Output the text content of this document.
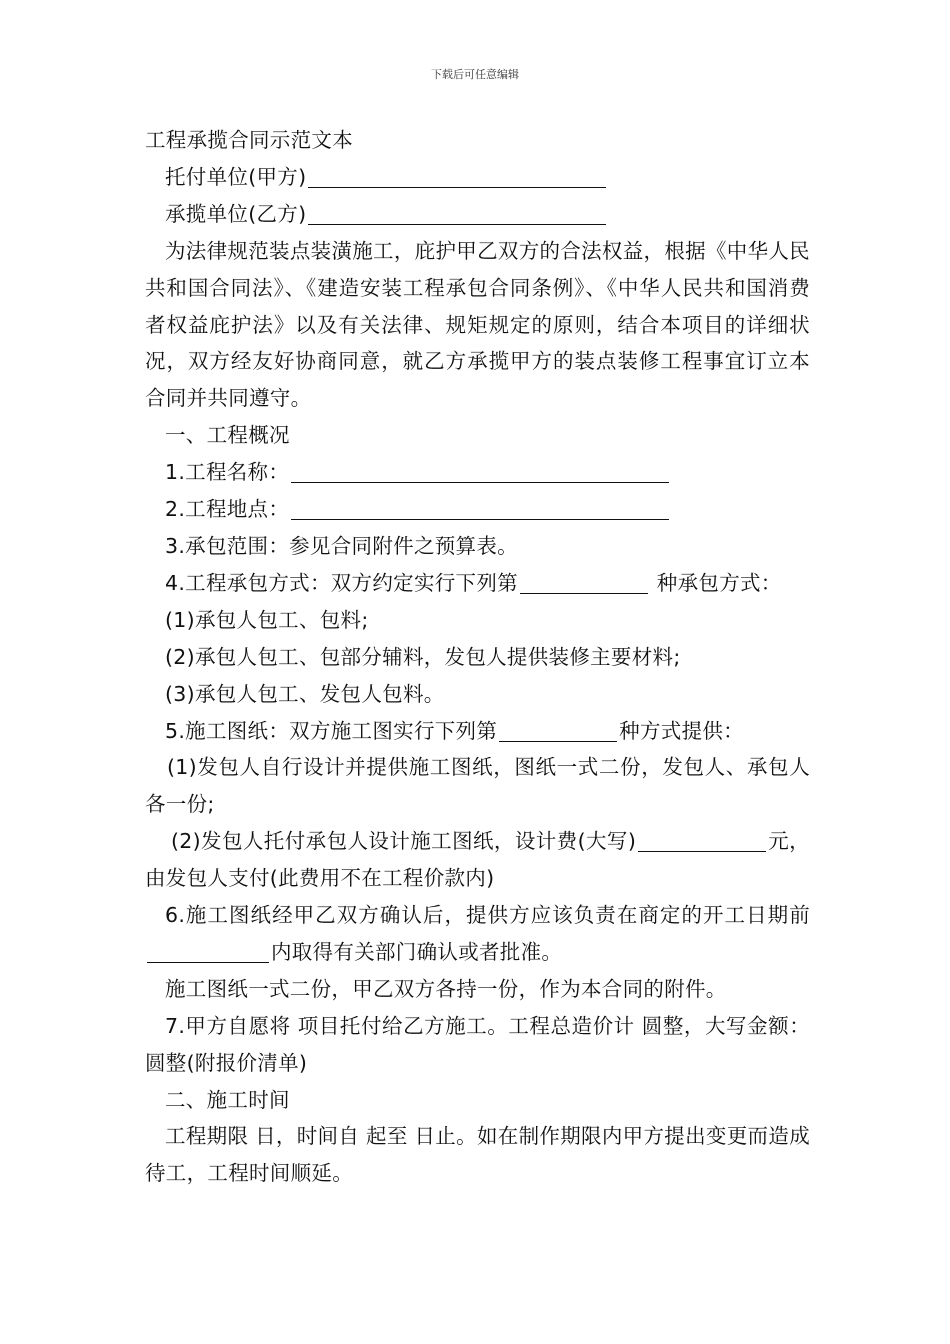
下载后可任意编辑
工程承揽合同示范文本
托付单位(甲方)
承揽单位(乙方)
为法律规范装点装潢施工，庇护甲乙双方的合法权益，根据《中华人民共和国合同法》、《建造安装工程承包合同条例》、《中华人民共和国消费者权益庇护法》以及有关法律、规矩规定的原则，结合本项目的详细状况，双方经友好协商同意，就乙方承揽甲方的装点装修工程事宜订立本合同并共同遵守。
一、工程概况
1.工程名称：
2.工程地点：
3.承包范围：参见合同附件之预算表。
4.工程承包方式：双方约定实行下列第	种承包方式：
(1)承包人包工、包料;
(2)承包人包工、包部分辅料，发包人提供装修主要材料;
(3)承包人包工、发包人包料。
5.施工图纸：双方施工图实行下列第	种方式提供：
(1)发包人自行设计并提供施工图纸，图纸一式二份，发包人、承包人各一份;
(2)发包人托付承包人设计施工图纸，设计费(大写)	元，由发包人支付(此费用不在工程价款内)
6.施工图纸经甲乙双方确认后，提供方应该负责在商定的开工日期前内取得有关部门确认或者批准。
施工图纸一式二份，甲乙双方各持一份，作为本合同的附件。
7.甲方自愿将 项目托付给乙方施工。工程总造价计 圆整，大写金额： 圆整(附报价清单)
二、施工时间
工程期限 日，时间自 起至 日止。如在制作期限内甲方提出变更而造成待工，工程时间顺延。
